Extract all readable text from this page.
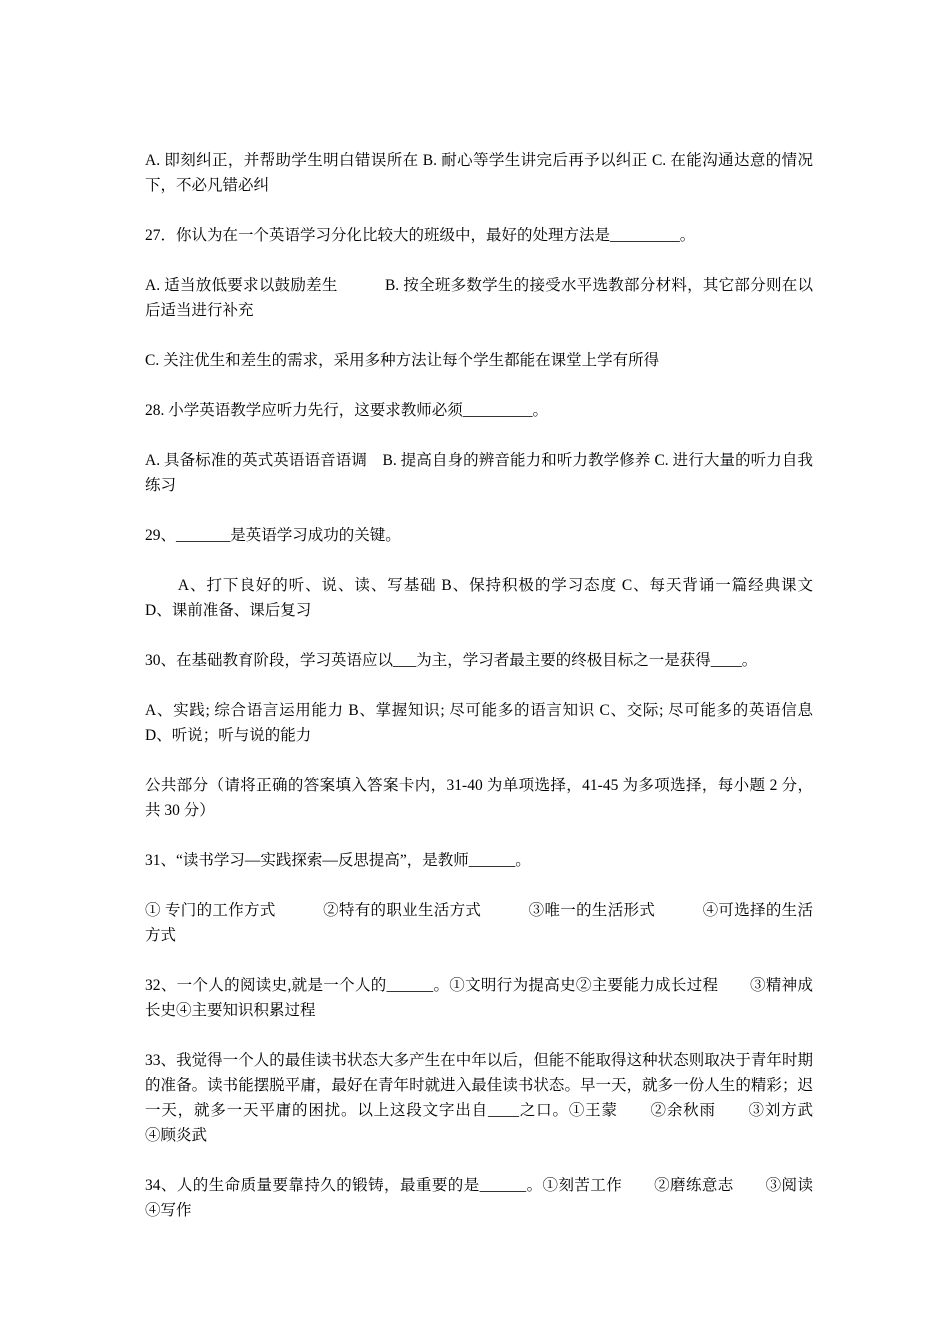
A. 即刻纠正，并帮助学生明白错误所在 B. 耐心等学生讲完后再予以纠正 C. 在能沟通达意的情况下，不必凡错必纠

27．你认为在一个英语学习分化比较大的班级中，最好的处理方法是_________。

A. 适当放低要求以鼓励差生　　　B. 按全班多数学生的接受水平选教部分材料，其它部分则在以后适当进行补充

C. 关注优生和差生的需求，采用多种方法让每个学生都能在课堂上学有所得

28. 小学英语教学应听力先行，这要求教师必须_________。

A. 具备标准的英式英语语音语调　B. 提高自身的辨音能力和听力教学修养 C. 进行大量的听力自我练习

29、_______是英语学习成功的关键。

　　A、打下良好的听、说、读、写基础 B、保持积极的学习态度 C、每天背诵一篇经典课文　D、课前准备、课后复习

30、在基础教育阶段，学习英语应以___为主，学习者最主要的终极目标之一是获得____。

A、实践; 综合语言运用能力 B、掌握知识; 尽可能多的语言知识 C、交际; 尽可能多的英语信息 D、听说；听与说的能力

公共部分（请将正确的答案填入答案卡内，31-40 为单项选择，41-45 为多项选择，每小题 2 分，共 30 分）

31、“读书学习—实践探索—反思提高”，是教师______。

① 专门的工作方式　　　②特有的职业生活方式　　　③唯一的生活形式　　　④可选择的生活方式

32、一个人的阅读史,就是一个人的______。①文明行为提高史②主要能力成长过程　　③精神成长史④主要知识积累过程

33、我觉得一个人的最佳读书状态大多产生在中年以后，但能不能取得这种状态则取决于青年时期的准备。读书能摆脱平庸，最好在青年时就进入最佳读书状态。早一天，就多一份人生的精彩；迟一天，就多一天平庸的困扰。以上这段文字出自____之口。①王蒙　　②余秋雨　　③刘方武　　④顾炎武

34、人的生命质量要靠持久的锻铸，最重要的是______。①刻苦工作　　②磨练意志　　③阅读　　④写作
